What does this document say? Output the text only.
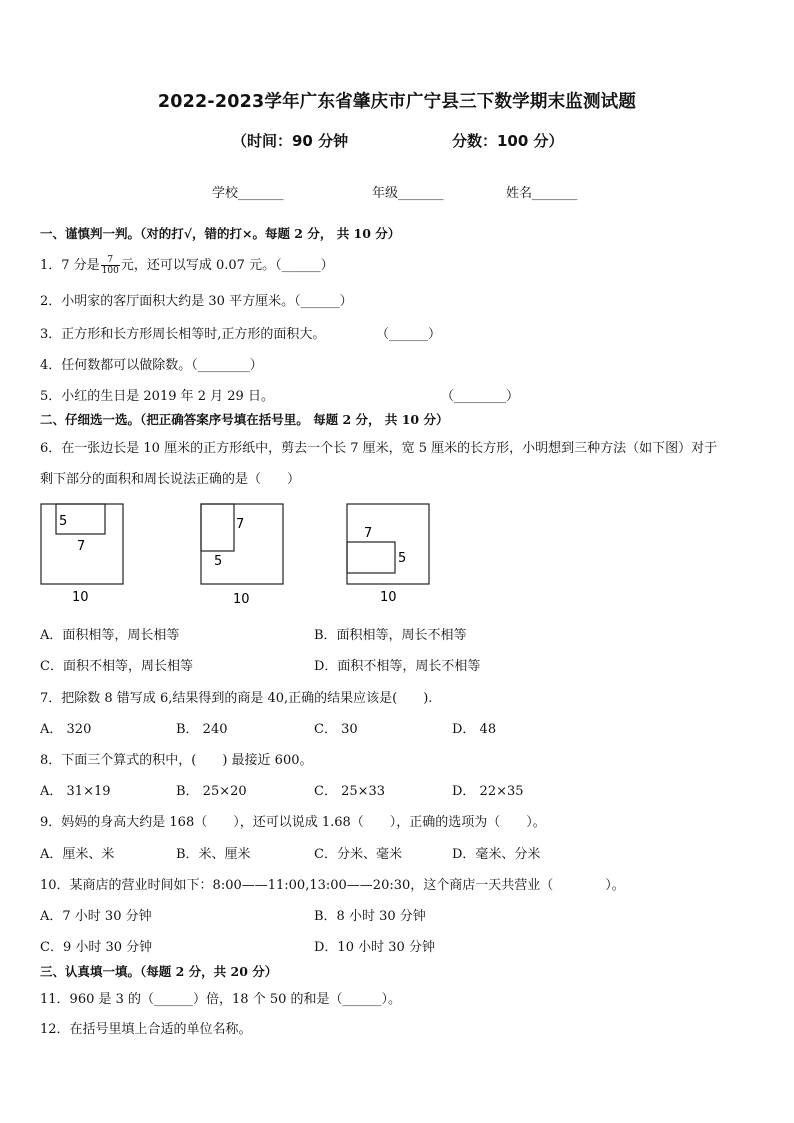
2022-2023学年广东省肇庆市广宁县三下数学期末监测试题
（时间：90 分钟	分数：100 分）
学校_______	年级_______	姓名_______
一、谨慎判一判。（对的打√，错的打×。每题 2 分， 共 10 分）
1．7 分是 $\frac{7}{100}$ 元，还可以写成 0.07 元。（______）
2．小明家的客厅面积大约是 30 平方厘米。（______）
3．正方形和长方形周长相等时,正方形的面积大。	（______）
4．任何数都可以做除数。（________）
5．小红的生日是 2019 年 2 月 29 日。	（________）
二、仔细选一选。（把正确答案序号填在括号里。 每题 2 分， 共 10 分）
6．在一张边长是 10 厘米的正方形纸中，剪去一个长 7 厘米，宽 5 厘米的长方形，小明想到三种方法（如下图）对于
剩下部分的面积和周长说法正确的是（　　）
5
7
10
7
5
10
7
5
10
A．面积相等，周长相等	B．面积相等，周长不相等
C．面积不相等，周长相等	D．面积不相等，周长不相等
7．把除数 8 错写成 6,结果得到的商是 40,正确的结果应该是(　　).
A． 320	B． 240	C． 30	D． 48
8．下面三个算式的积中，(　　) 最接近 600。
A． 31×19	B． 25×20	C． 25×33	D． 22×35
9．妈妈的身高大约是 168（　　），还可以说成 1.68（　　），正确的选项为（　　）。
A．厘米、米	B．米、厘米	C．分米、毫米	D．毫米、分米
10．某商店的营业时间如下：8:00——11:00,13:00——20:30，这个商店一天共营业（　　　　）。
A．7 小时 30 分钟	B．8 小时 30 分钟
C．9 小时 30 分钟	D．10 小时 30 分钟
三、认真填一填。（每题 2 分，共 20 分）
11．960 是 3 的（______）倍，18 个 50 的和是（______）。
12．在括号里填上合适的单位名称。
